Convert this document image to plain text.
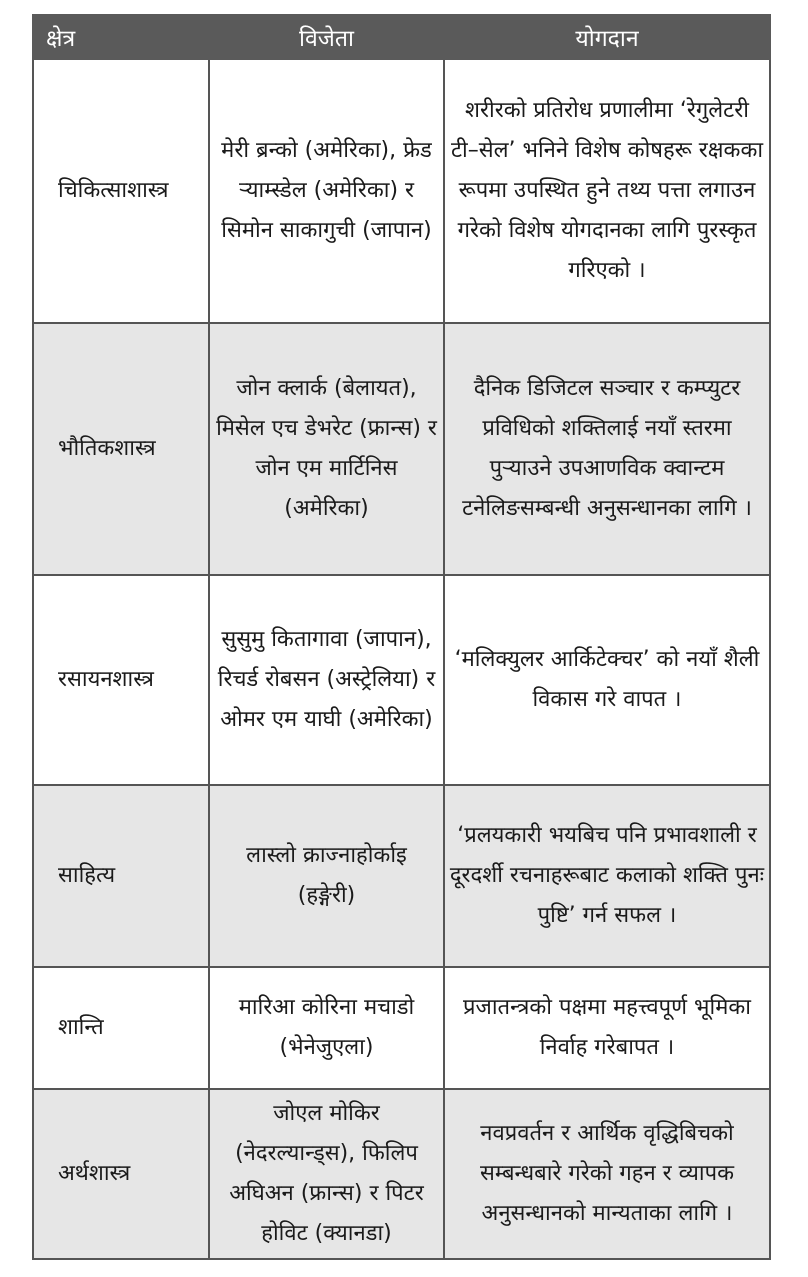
क्षेत्र	विजेता	योगदान
चिकित्साशास्त्र	मेरी ब्रन्को (अमेरिका), फ्रेड र्‍याम्स्डेल (अमेरिका) र सिमोन साकागुची (जापान)	शरीरको प्रतिरोध प्रणालीमा ‘रेगुलेटरी टी–सेल’ भनिने विशेष कोषहरू रक्षकका रूपमा उपस्थित हुने तथ्य पत्ता लगाउन गरेको विशेष योगदानका लागि पुरस्कृत गरिएको ।
भौतिकशास्त्र	जोन क्लार्क (बेलायत), मिसेल एच डेभरेट (फ्रान्स) र जोन एम मार्टिनिस (अमेरिका)	दैनिक डिजिटल सञ्चार र कम्प्युटर प्रविधिको शक्तिलाई नयाँ स्तरमा पुर्‍याउने उपआणविक क्वान्टम टनेलिङसम्बन्धी अनुसन्धानका लागि ।
रसायनशास्त्र	सुसुमु कितागावा (जापान), रिचर्ड रोबसन (अस्ट्रेलिया) र ओमर एम याघी (अमेरिका)	‘मलिक्युलर आर्किटेक्चर’ को नयाँ शैली विकास गरे वापत ।
साहित्य	लास्लो क्राज्नाहोर्काइ (हङ्गेरी)	‘प्रलयकारी भयबिच पनि प्रभावशाली र दूरदर्शी रचनाहरूबाट कलाको शक्ति पुनः पुष्टि’ गर्न सफल ।
शान्ति	मारिआ कोरिना मचाडो (भेनेजुएला)	प्रजातन्त्रको पक्षमा महत्त्वपूर्ण भूमिका निर्वाह गरेबापत ।
अर्थशास्त्र	जोएल मोकिर (नेदरल्यान्ड्स), फिलिप अघिअन (फ्रान्स) र पिटर होविट (क्यानडा)	नवप्रवर्तन र आर्थिक वृद्धिबिचको सम्बन्धबारे गरेको गहन र व्यापक अनुसन्धानको मान्यताका लागि ।
